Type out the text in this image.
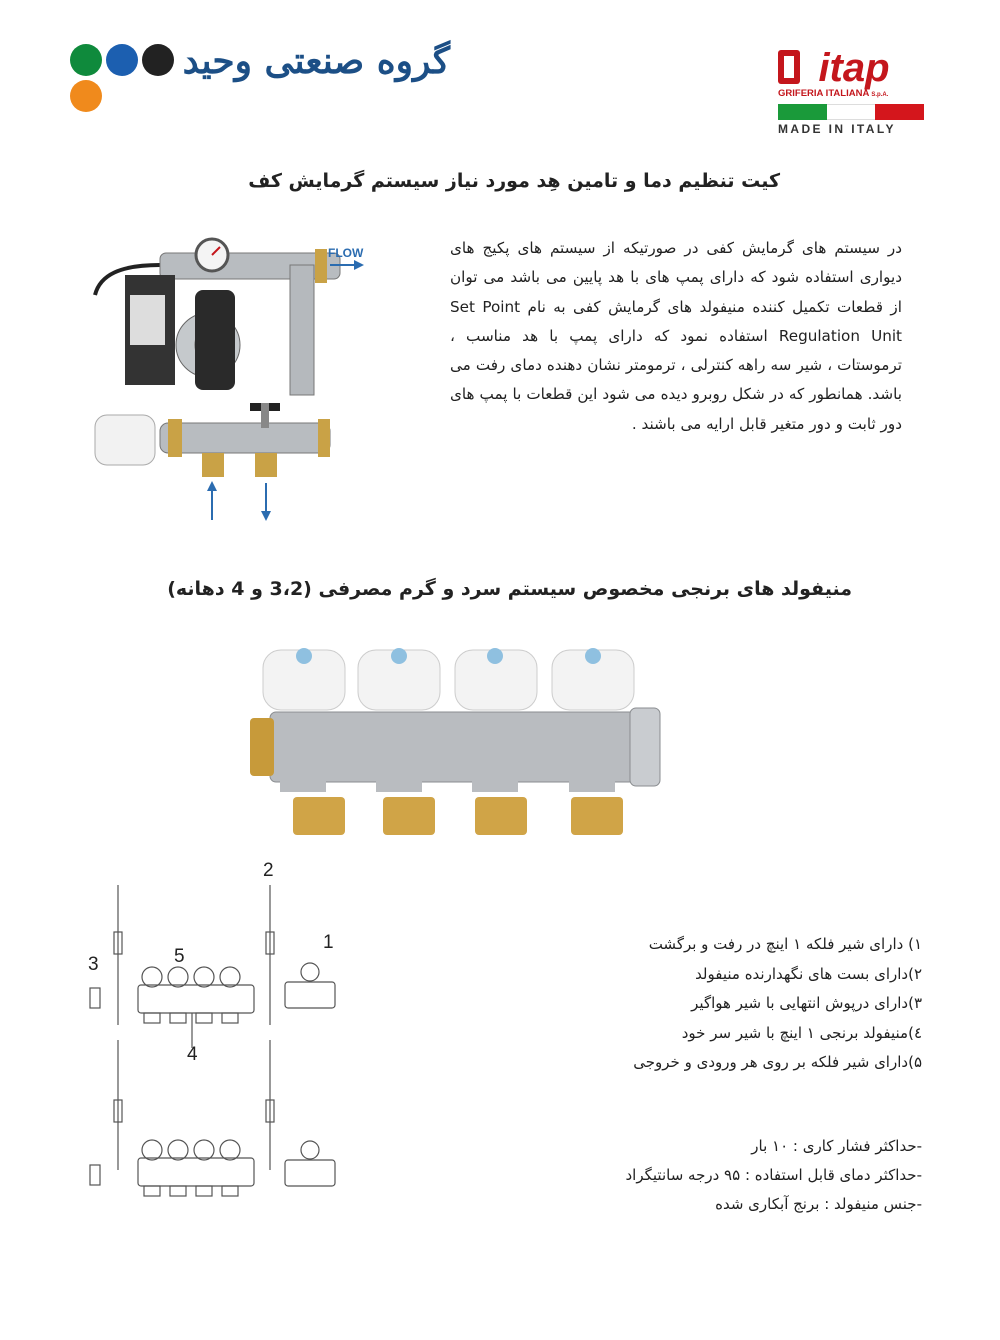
گروه صنعتی وحید	itap
GRIFERIA ITALIANA S.p.A.
MADE IN ITALY
کیت تنظیم دما و تامین هِد مورد نیاز سیستم گرمایش کف
FLOW	در سیستم های گرمایش کفی در صورتیکه از سیستم های پکیج های دیواری استفاده شود که دارای پمپ های با هد پایین می باشد می توان از قطعات تکمیل کننده منیفولد های گرمایش کفی به نام Set Point Regulation Unit استفاده نمود که دارای پمپ با هد مناسب ، ترموستات ، شیر سه راهه کنترلی ، ترمومتر نشان دهنده دمای رفت می باشد. همانطور که در شکل روبرو دیده می شود این قطعات با پمپ های دور ثابت و دور متغیر قابل ارایه می باشند .
منیفولد های برنجی مخصوص سیستم سرد و گرم مصرفی (3،2 و 4 دهانه)
1
2
3
4
5
۱) دارای شیر فلکه ۱ اینچ در رفت و برگشت
۲)دارای بست های نگهدارنده منیفولد
۳)دارای درپوش انتهایی با شیر هواگیر
٤)منیفولد برنجی ۱ اینچ با شیر سر خود
۵)دارای شیر فلکه بر روی هر ورودی و خروجی
-حداکثر فشار کاری : ۱۰ بار
-حداکثر دمای قابل استفاده : ۹۵ درجه سانتیگراد
-جنس منیفولد : برنج آبکاری شده
